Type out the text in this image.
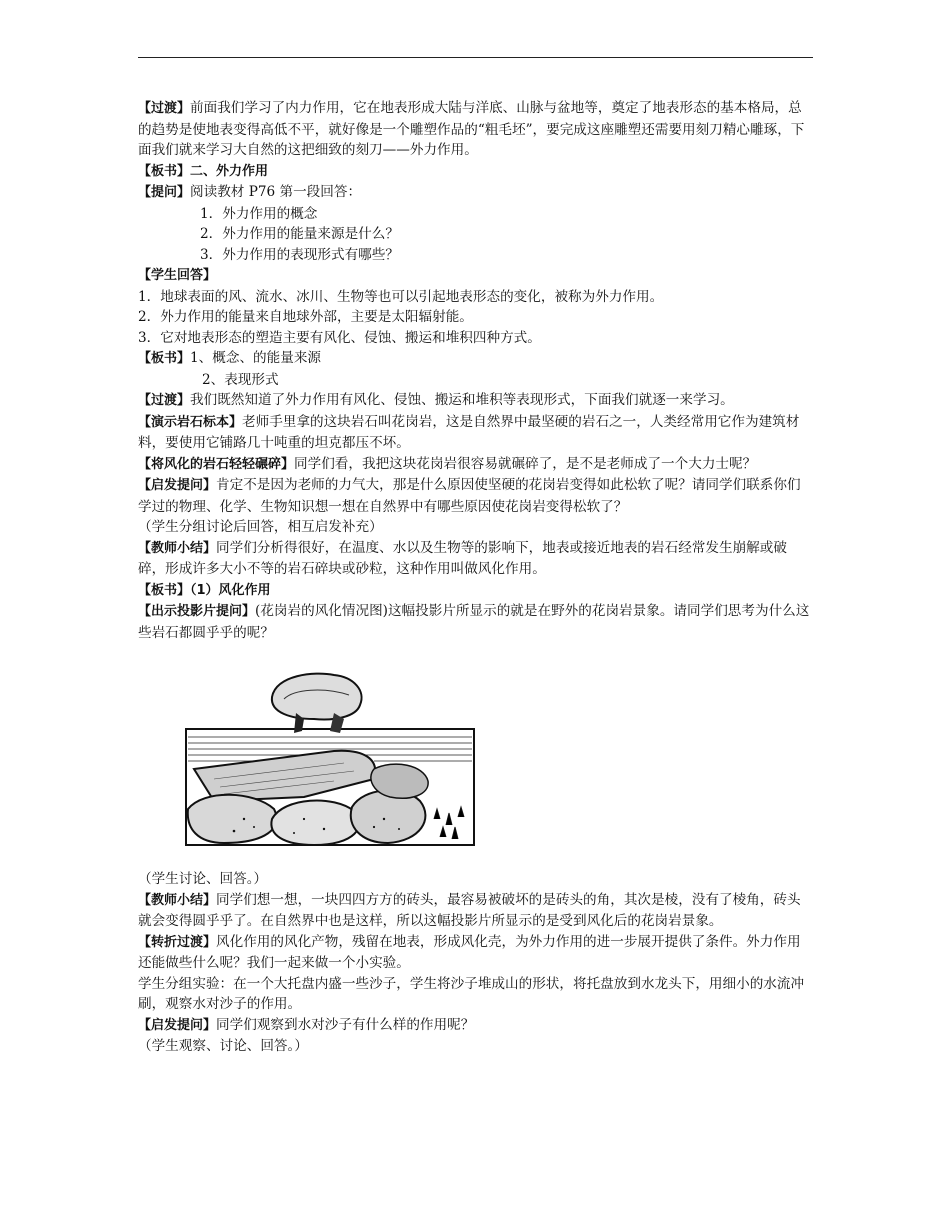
【过渡】前面我们学习了内力作用，它在地表形成大陆与洋底、山脉与盆地等，奠定了地表形态的基本格局，总的趋势是使地表变得高低不平，就好像是一个雕塑作品的“粗毛坯”，要完成这座雕塑还需要用刻刀精心雕琢，下面我们就来学习大自然的这把细致的刻刀——外力作用。

【板书】二、外力作用

【提问】阅读教材 P76 第一段回答：

1．外力作用的概念

2．外力作用的能量来源是什么？

3．外力作用的表现形式有哪些？

【学生回答】

1．地球表面的风、流水、冰川、生物等也可以引起地表形态的变化，被称为外力作用。

2．外力作用的能量来自地球外部，主要是太阳辐射能。

3．它对地表形态的塑造主要有风化、侵蚀、搬运和堆积四种方式。

【板书】1、概念、的能量来源

2、表现形式

【过渡】我们既然知道了外力作用有风化、侵蚀、搬运和堆积等表现形式，下面我们就逐一来学习。

【演示岩石标本】老师手里拿的这块岩石叫花岗岩，这是自然界中最坚硬的岩石之一，人类经常用它作为建筑材料，要使用它铺路几十吨重的坦克都压不坏。

【将风化的岩石轻轻碾碎】同学们看，我把这块花岗岩很容易就碾碎了，是不是老师成了一个大力士呢？

【启发提问】肯定不是因为老师的力气大，那是什么原因使坚硬的花岗岩变得如此松软了呢？请同学们联系你们学过的物理、化学、生物知识想一想在自然界中有哪些原因使花岗岩变得松软了？

（学生分组讨论后回答，相互启发补充）

【教师小结】同学们分析得很好，在温度、水以及生物等的影响下，地表或接近地表的岩石经常发生崩解或破碎，形成许多大小不等的岩石碎块或砂粒，这种作用叫做风化作用。

【板书】（1）风化作用

【出示投影片提问】(花岗岩的风化情况图)这幅投影片所显示的就是在野外的花岗岩景象。请同学们思考为什么这些岩石都圆乎乎的呢？

（学生讨论、回答。）

【教师小结】同学们想一想，一块四四方方的砖头，最容易被破坏的是砖头的角，其次是棱，没有了棱角，砖头就会变得圆乎乎了。在自然界中也是这样，所以这幅投影片所显示的是受到风化后的花岗岩景象。

【转折过渡】风化作用的风化产物，残留在地表，形成风化壳，为外力作用的进一步展开提供了条件。外力作用还能做些什么呢？我们一起来做一个小实验。

学生分组实验：在一个大托盘内盛一些沙子，学生将沙子堆成山的形状，将托盘放到水龙头下，用细小的水流冲刷，观察水对沙子的作用。

【启发提问】同学们观察到水对沙子有什么样的作用呢？

（学生观察、讨论、回答。）
